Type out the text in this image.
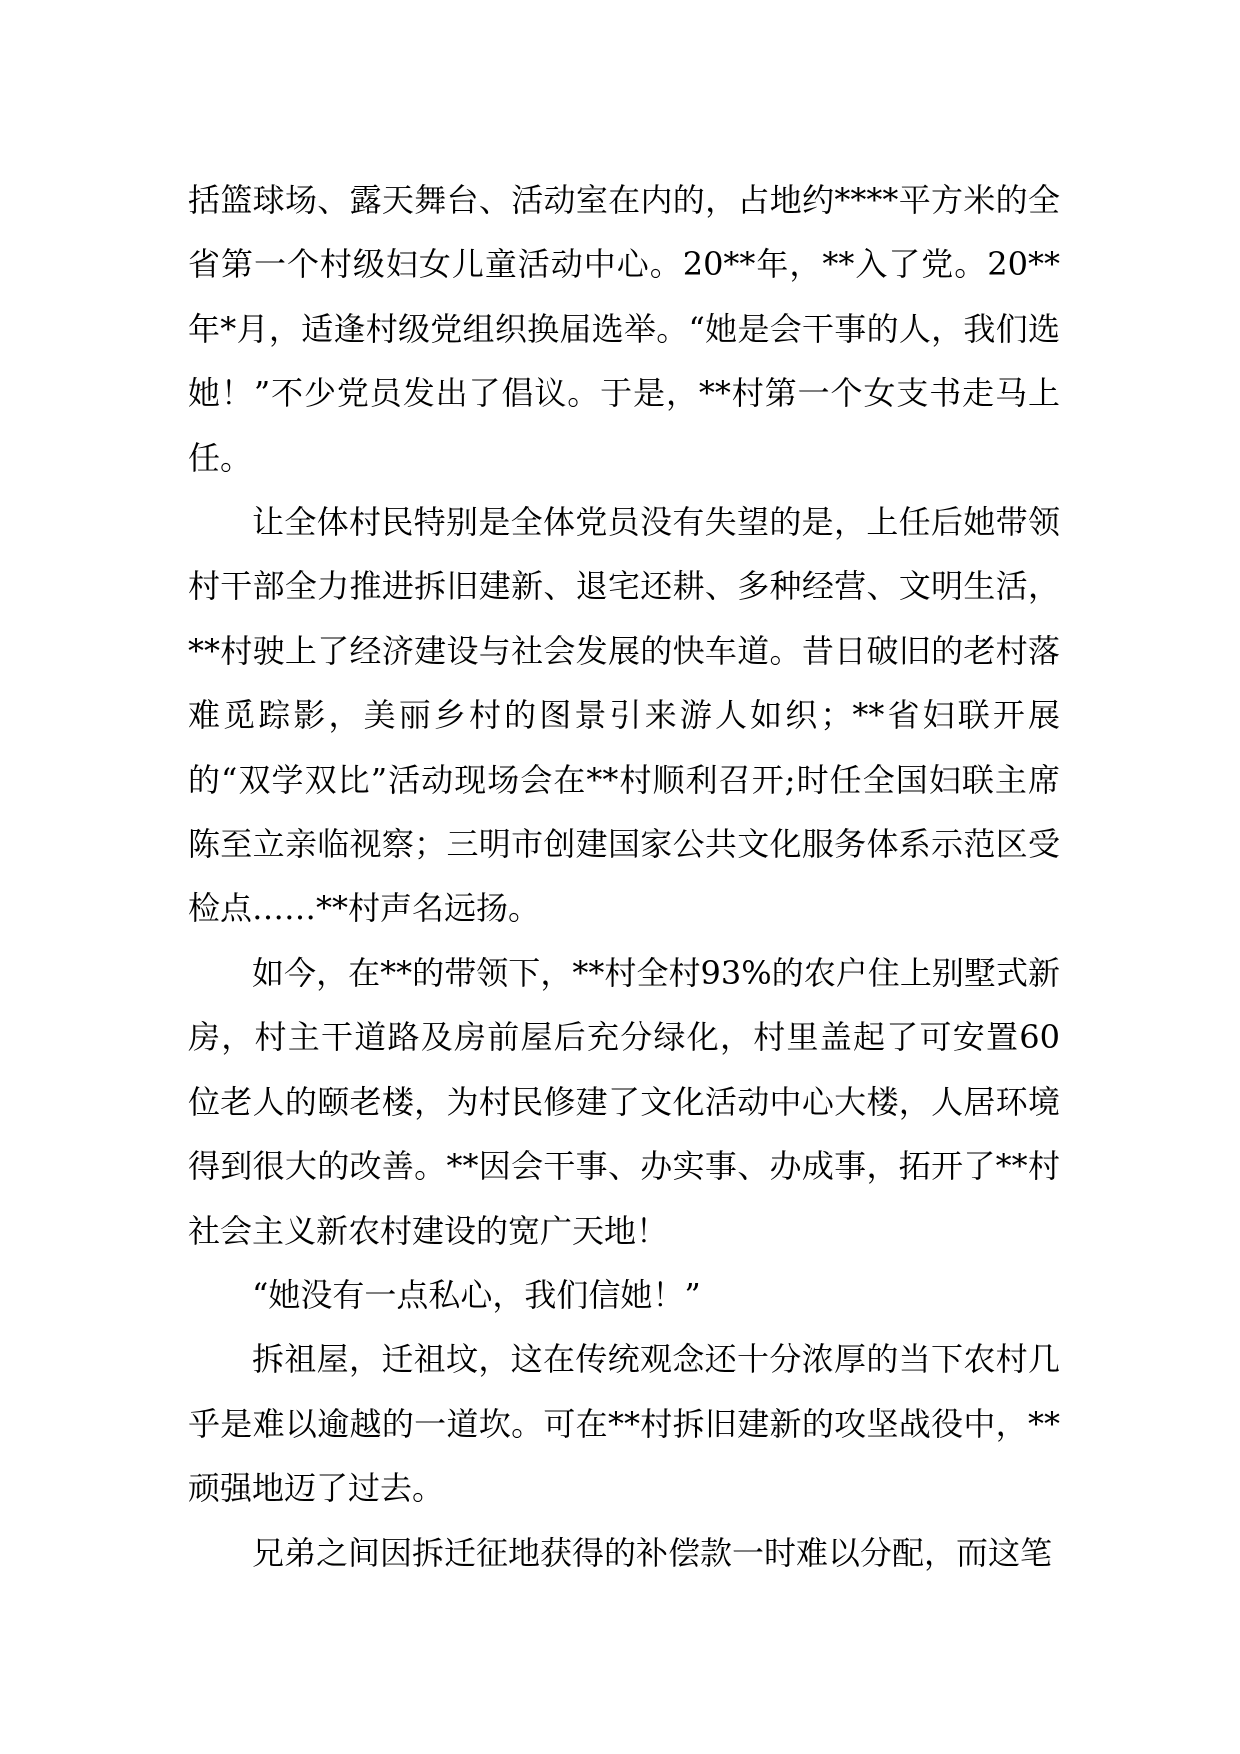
括篮球场、露天舞台、活动室在内的，占地约****平方米的全省第一个村级妇女儿童活动中心。20**年，**入了党。20**年*月，适逢村级党组织换届选举。“她是会干事的人，我们选她！”不少党员发出了倡议。于是，**村第一个女支书走马上任。

让全体村民特别是全体党员没有失望的是，上任后她带领村干部全力推进拆旧建新、退宅还耕、多种经营、文明生活，**村驶上了经济建设与社会发展的快车道。昔日破旧的老村落难觅踪影，美丽乡村的图景引来游人如织；**省妇联开展的“双学双比”活动现场会在**村顺利召开;时任全国妇联主席陈至立亲临视察；三明市创建国家公共文化服务体系示范区受检点……**村声名远扬。

如今，在**的带领下，**村全村93%的农户住上别墅式新房，村主干道路及房前屋后充分绿化，村里盖起了可安置60位老人的颐老楼，为村民修建了文化活动中心大楼，人居环境得到很大的改善。**因会干事、办实事、办成事，拓开了**村社会主义新农村建设的宽广天地！

“她没有一点私心，我们信她！”

拆祖屋，迁祖坟，这在传统观念还十分浓厚的当下农村几乎是难以逾越的一道坎。可在**村拆旧建新的攻坚战役中，**顽强地迈了过去。

兄弟之间因拆迁征地获得的补偿款一时难以分配，而这笔
